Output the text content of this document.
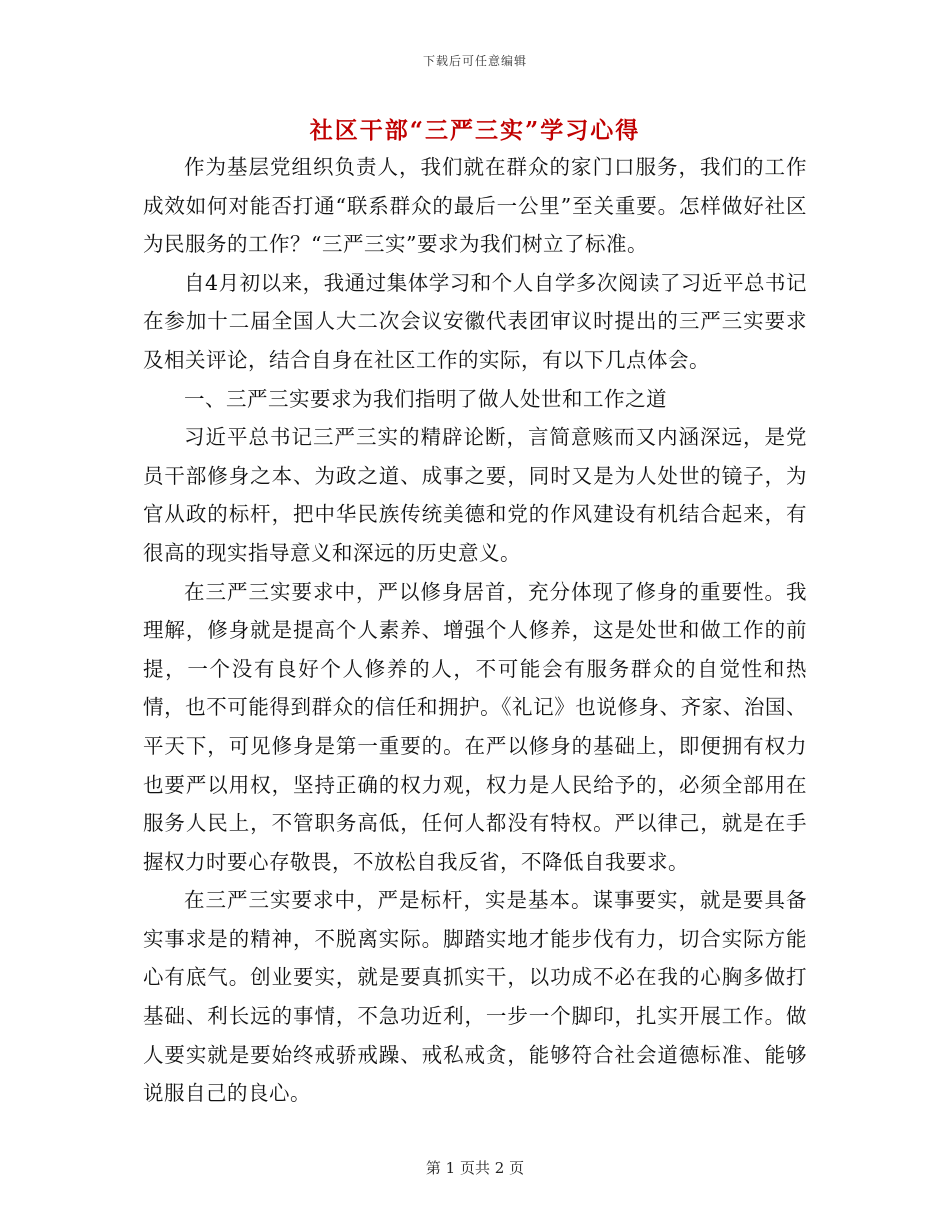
下载后可任意编辑
社区干部“三严三实”学习心得

作为基层党组织负责人，我们就在群众的家门口服务，我们的工作成效如何对能否打通“联系群众的最后一公里”至关重要。怎样做好社区为民服务的工作？“三严三实”要求为我们树立了标准。

自4月初以来，我通过集体学习和个人自学多次阅读了习近平总书记在参加十二届全国人大二次会议安徽代表团审议时提出的三严三实要求及相关评论，结合自身在社区工作的实际，有以下几点体会。

一、三严三实要求为我们指明了做人处世和工作之道

习近平总书记三严三实的精辟论断，言简意赅而又内涵深远，是党员干部修身之本、为政之道、成事之要，同时又是为人处世的镜子，为官从政的标杆，把中华民族传统美德和党的作风建设有机结合起来，有很高的现实指导意义和深远的历史意义。

在三严三实要求中，严以修身居首，充分体现了修身的重要性。我理解，修身就是提高个人素养、增强个人修养，这是处世和做工作的前提，一个没有良好个人修养的人，不可能会有服务群众的自觉性和热情，也不可能得到群众的信任和拥护。《礼记》也说修身、齐家、治国、平天下，可见修身是第一重要的。在严以修身的基础上，即便拥有权力也要严以用权，坚持正确的权力观，权力是人民给予的，必须全部用在服务人民上，不管职务高低，任何人都没有特权。严以律己，就是在手握权力时要心存敬畏，不放松自我反省，不降低自我要求。

在三严三实要求中，严是标杆，实是基本。谋事要实，就是要具备实事求是的精神，不脱离实际。脚踏实地才能步伐有力，切合实际方能心有底气。创业要实，就是要真抓实干，以功成不必在我的心胸多做打基础、利长远的事情，不急功近利，一步一个脚印，扎实开展工作。做人要实就是要始终戒骄戒躁、戒私戒贪，能够符合社会道德标准、能够说服自己的良心。

第 1 页共 2 页
